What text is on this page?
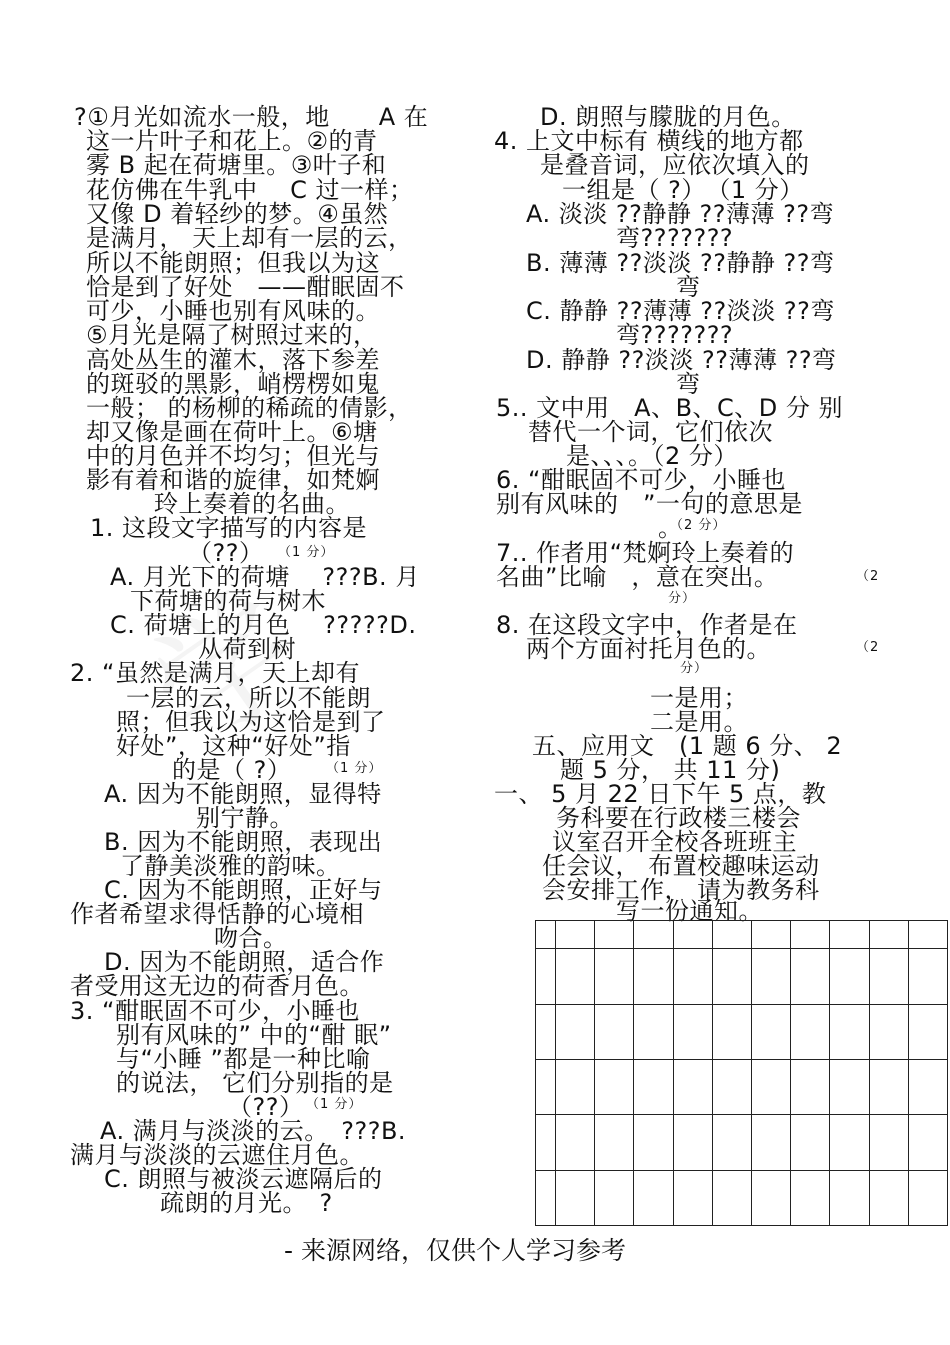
?①月光如流水一般，地　　A 在
这一片叶子和花上。②的青
雾 B 起在荷塘里。③叶子和
花仿佛在牛乳中　 C 过一样；
又像 D 着轻纱的梦。④虽然
是满月， 天上却有一层的云，
所以不能朗照；但我以为这
恰是到了好处　——酣眠固不
可少，小睡也别有风味的。
⑤月光是隔了树照过来的，
高处丛生的灌木，落下参差
的斑驳的黑影，峭楞楞如鬼
一般； 的杨柳的稀疏的倩影，
却又像是画在荷叶上。⑥塘
中的月色并不均匀；但光与
影有着和谐的旋律，如梵婀
玲上奏着的名曲。
1. 这段文字描写的内容是
（??） （1 分）
A. 月光下的荷塘　 ???B. 月
下荷塘的荷与树木
C. 荷塘上的月色　 ?????D.
从荷到树
2. “虽然是满月，天上却有
一层的云，所以不能朗
照；但我以为这恰是到了
好处”，这种“好处”指
的是（ ?）	（1 分）
A. 因为不能朗照，显得特
别宁静。
B. 因为不能朗照，表现出
了静美淡雅的韵味。
C. 因为不能朗照，正好与
作者希望求得恬静的心境相
吻合。
D. 因为不能朗照，适合作
者受用这无边的荷香月色。
3. “酣眠固不可少，小睡也
别有风味的” 中的“酣 眠”
与“小睡 ”都是一种比喻
的说法， 它们分别指的是
（??） （1 分）
A. 满月与淡淡的云。　???B.
满月与淡淡的云遮住月色。
C. 朗照与被淡云遮隔后的
疏朗的月光。　?
D. 朗照与朦胧的月色。
4. 上文中标有 横线的地方都
是叠音词，应依次填入的
一组是（ ?）　（1 分）
A. 淡淡 ??静静 ??薄薄 ??弯
弯???????
B. 薄薄 ??淡淡 ??静静 ??弯
弯
C. 静静 ??薄薄 ??淡淡 ??弯
弯???????
D. 静静 ??淡淡 ??薄薄 ??弯
弯
5.. 文中用　A、B、C、D 分 别
替代一个词，它们依次
是、、、。（2 分）
6. “酣眠固不可少，小睡也
别有风味的　”一句的意思是
。
（2 分）
7.. 作者用“梵婀玲上奏着的
名曲”比喻　，意在突出。	（2
分）
8. 在这段文字中，作者是在
两个方面衬托月色的。	（2
分）
一是用；
二是用。
五、应用文　(1 题 6 分、 2
题 5 分， 共 11 分)
一、 5 月 22 日下午 5 点，教
务科要在行政楼三楼会
议室召开全校各班班主
任会议， 布置校趣味运动
会安排工作， 请为教务科
写一份通知。

- 来源网络，仅供个人学习参考
